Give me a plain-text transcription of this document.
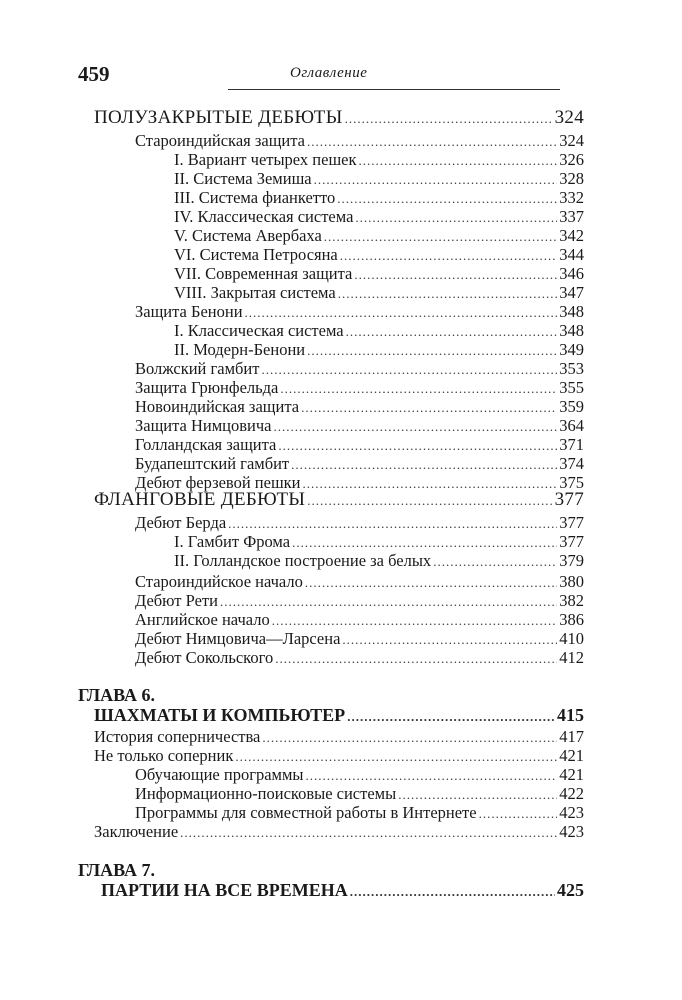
459	Оглавление
ПОЛУЗАКРЫТЫЕ ДЕБЮТЫ .....	324
Староиндийская защита .....	324
I. Вариант четырех пешек .....	326
II. Система Земиша .....	328
III. Система фианкетто .....	332
IV. Классическая система .....	337
V. Система Авербаха .....	342
VI. Система Петросяна .....	344
VII. Современная защита .....	346
VIII. Закрытая система .....	347
Защита Бенони .....	348
I. Классическая система .....	348
II. Модерн-Бенони .....	349
Волжский гамбит .....	353
Защита Грюнфельда .....	355
Новоиндийская защита .....	359
Защита Нимцовича .....	364
Голландская защита .....	371
Будапештский гамбит .....	374
Дебют ферзевой пешки .....	375
ФЛАНГОВЫЕ ДЕБЮТЫ .....	377
Дебют Берда .....	377
I. Гамбит Фрома .....	377
II. Голландское построение за белых .....	379
Староиндийское начало .....	380
Дебют Рети .....	382
Английское начало .....	386
Дебют Нимцовича—Ларсена .....	410
Дебют Сокольского .....	412
ГЛАВА 6.
ШАХМАТЫ И КОМПЬЮТЕР .....	415
История соперничества .....	417
Не только соперник .....	421
Обучающие программы .....	421
Информационно-поисковые системы .....	422
Программы для совместной работы в Интернете .....	423
Заключение .....	423
ГЛАВА 7.
ПАРТИИ НА ВСЕ ВРЕМЕНА .....	425
